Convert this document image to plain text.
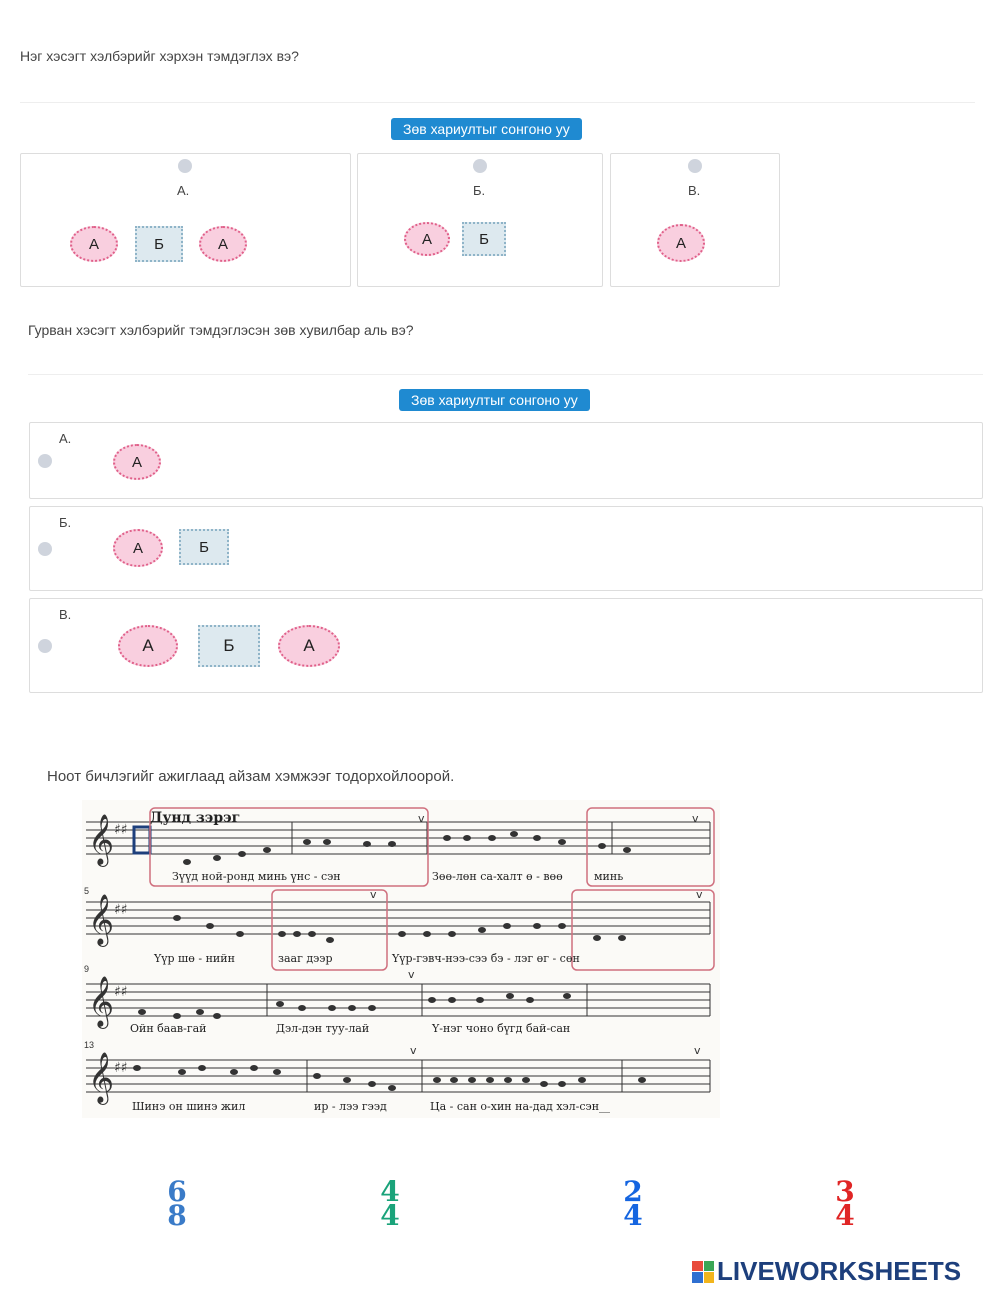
Нэг хэсэгт хэлбэрийг хэрхэн тэмдэглэх вэ?
Зөв хариултыг сонгоно уу
А.
А	Б	А
Б.
А	Б
В.
А
Гурван хэсэгт хэлбэрийг тэмдэглэсэн зөв хувилбар аль вэ?
Зөв хариултыг сонгоно уу
А.
А
Б.
А	Б
В.
А	Б	А
Ноот бичлэгийг ажиглаад айзам хэмжээг тодорхойлоорой.
𝄞
𝄞
𝄞
𝄞
♯♯
♯♯
♯♯
♯♯
v	v
v	v
v
v	v
Дунд зэрэг
5
9
13
Зүүд ной-ронд минь үнс - сэн	Зөө-лөн са-халт ө - вөө	минь
Үүр шө - нийн	зааг дээр	Үүр-гэвч-нээ-сээ бэ - лэг өг - сөн
Ойн баав-гай	Дэл-дэн туу-лай	Ү-нэг чоно бүгд бай-сан
Шинэ он шинэ жил	ир - лээ гээд	Ца - сан о-хин на-дад хэл-сэн__
6
8
4
4
2
4
3
4
LIVEWORKSHEETS
